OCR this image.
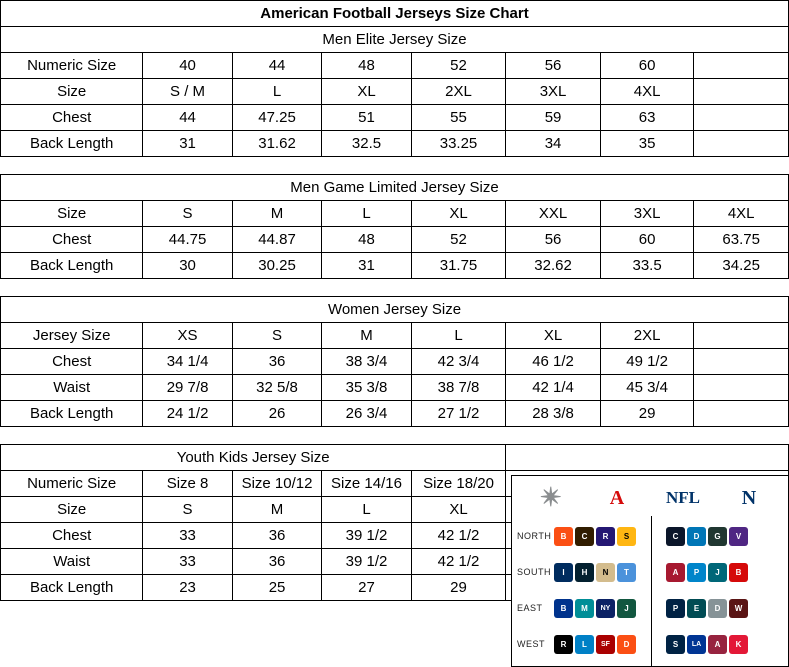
American Football Jerseys Size Chart							
Men Elite Jersey Size							
Numeric Size	40	44	48	52	56	60	
Size	S / M	L	XL	2XL	3XL	4XL	
Chest	44	47.25	51	55	59	63	
Back Length	31	31.62	32.5	33.25	34	35	

Men Game Limited Jersey Size							
Size	S	M	L	XL	XXL	3XL	4XL
Chest	44.75	44.87	48	52	56	60	63.75
Back Length	30	30.25	31	31.75	32.62	33.5	34.25

Women Jersey Size							
Jersey Size	XS	S	M	L	XL	2XL	
Chest	34 1/4	36	38 3/4	42 3/4	46 1/2	49 1/2	
Waist	29 7/8	32 5/8	35 3/8	38 7/8	42 1/4	45 3/4	
Back Length	24 1/2	26	26 3/4	27 1/2	28 3/8	29	

Youth Kids Jersey Size							
Numeric Size	Size 8	Size 10/12	Size 14/16	Size 18/20			
Size	S	M	L	XL			
Chest	33	36	39 1/2	42 1/2			
Waist	33	36	39 1/2	42 1/2			
Back Length	23	25	27	29			
✴	A	NFL	N
NORTH	B	C	R	S	C	D	G	V
SOUTH	I	H	N	T	A	P	J	B
EAST	B	M	NY	J	P	E	D	W
WEST	R	L	SF	D	S	LA	A	K
